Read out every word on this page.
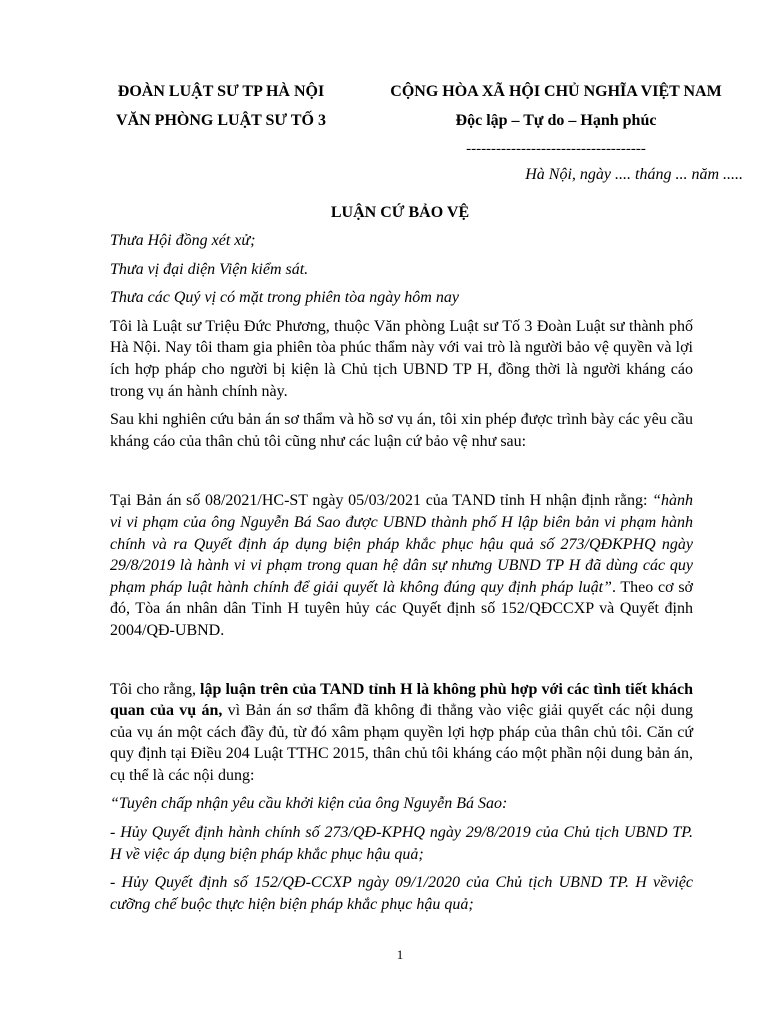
ĐOÀN LUẬT SƯ TP HÀ NỘI
VĂN PHÒNG LUẬT SƯ TỐ 3
CỘNG HÒA XÃ HỘI CHỦ NGHĨA VIỆT NAM
Độc lập – Tự do – Hạnh phúc
------------------------------------
Hà Nội, ngày .... tháng ... năm .....
LUẬN CỨ BẢO VỆ

Thưa Hội đồng xét xử;

Thưa vị đại diện Viện kiểm sát.

Thưa các Quý vị có mặt trong phiên tòa ngày hôm nay

Tôi là Luật sư Triệu Đức Phương, thuộc Văn phòng Luật sư Tố 3 Đoàn Luật sư thành phố Hà Nội. Nay tôi tham gia phiên tòa phúc thẩm này với vai trò là người bảo vệ quyền và lợi ích hợp pháp cho người bị kiện là Chủ tịch UBND TP H, đồng thời là người kháng cáo trong vụ án hành chính này.

Sau khi nghiên cứu bản án sơ thẩm và hồ sơ vụ án, tôi xin phép được trình bày các yêu cầu kháng cáo của thân chủ tôi cũng như các luận cứ bảo vệ như sau:

Tại Bản án số 08/2021/HC-ST ngày 05/03/2021 của TAND tỉnh H nhận định rằng: “hành vi vi phạm của ông Nguyễn Bá Sao được UBND thành phố H lập biên bản vi phạm hành chính và ra Quyết định áp dụng biện pháp khắc phục hậu quả số 273/QĐKPHQ ngày 29/8/2019 là hành vi vi phạm trong quan hệ dân sự nhưng UBND TP H đã dùng các quy phạm pháp luật hành chính để giải quyết là không đúng quy định pháp luật”. Theo cơ sở đó, Tòa án nhân dân Tỉnh H tuyên hủy các Quyết định số 152/QĐCCXP và Quyết định 2004/QĐ-UBND.

Tôi cho rằng, lập luận trên của TAND tỉnh H là không phù hợp với các tình tiết khách quan của vụ án, vì Bản án sơ thẩm đã không đi thẳng vào việc giải quyết các nội dung của vụ án một cách đầy đủ, từ đó xâm phạm quyền lợi hợp pháp của thân chủ tôi. Căn cứ quy định tại Điều 204 Luật TTHC 2015, thân chủ tôi kháng cáo một phần nội dung bản án, cụ thể là các nội dung:

“Tuyên chấp nhận yêu cầu khởi kiện của ông Nguyễn Bá Sao:

- Hủy Quyết định hành chính số 273/QĐ-KPHQ ngày 29/8/2019 của Chủ tịch UBND TP. H về việc áp dụng biện pháp khắc phục hậu quả;

- Hủy Quyết định số 152/QĐ-CCXP ngày 09/1/2020 của Chủ tịch UBND TP. H vềviệc cưỡng chế buộc thực hiện biện pháp khắc phục hậu quả;

1
